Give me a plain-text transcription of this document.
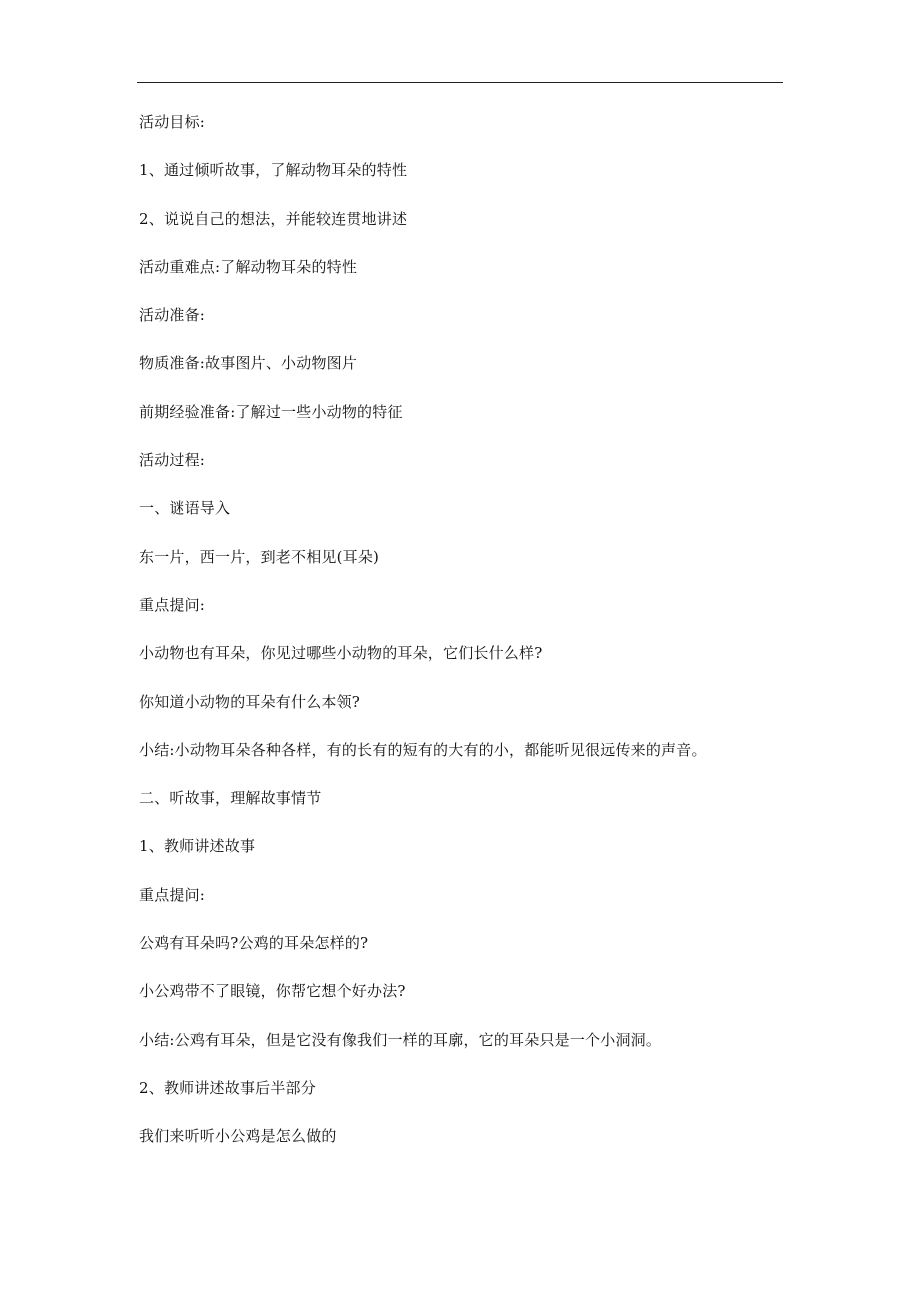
活动目标:

1、通过倾听故事，了解动物耳朵的特性

2、说说自己的想法，并能较连贯地讲述

活动重难点:了解动物耳朵的特性

活动准备:

物质准备:故事图片、小动物图片

前期经验准备:了解过一些小动物的特征

活动过程:

一、谜语导入

东一片，西一片，到老不相见(耳朵)

重点提问:

小动物也有耳朵，你见过哪些小动物的耳朵，它们长什么样?

你知道小动物的耳朵有什么本领?

小结:小动物耳朵各种各样，有的长有的短有的大有的小，都能听见很远传来的声音。

二、听故事，理解故事情节

1、教师讲述故事

重点提问:

公鸡有耳朵吗?公鸡的耳朵怎样的?

小公鸡带不了眼镜，你帮它想个好办法?

小结:公鸡有耳朵，但是它没有像我们一样的耳廓，它的耳朵只是一个小洞洞。

2、教师讲述故事后半部分

我们来听听小公鸡是怎么做的
